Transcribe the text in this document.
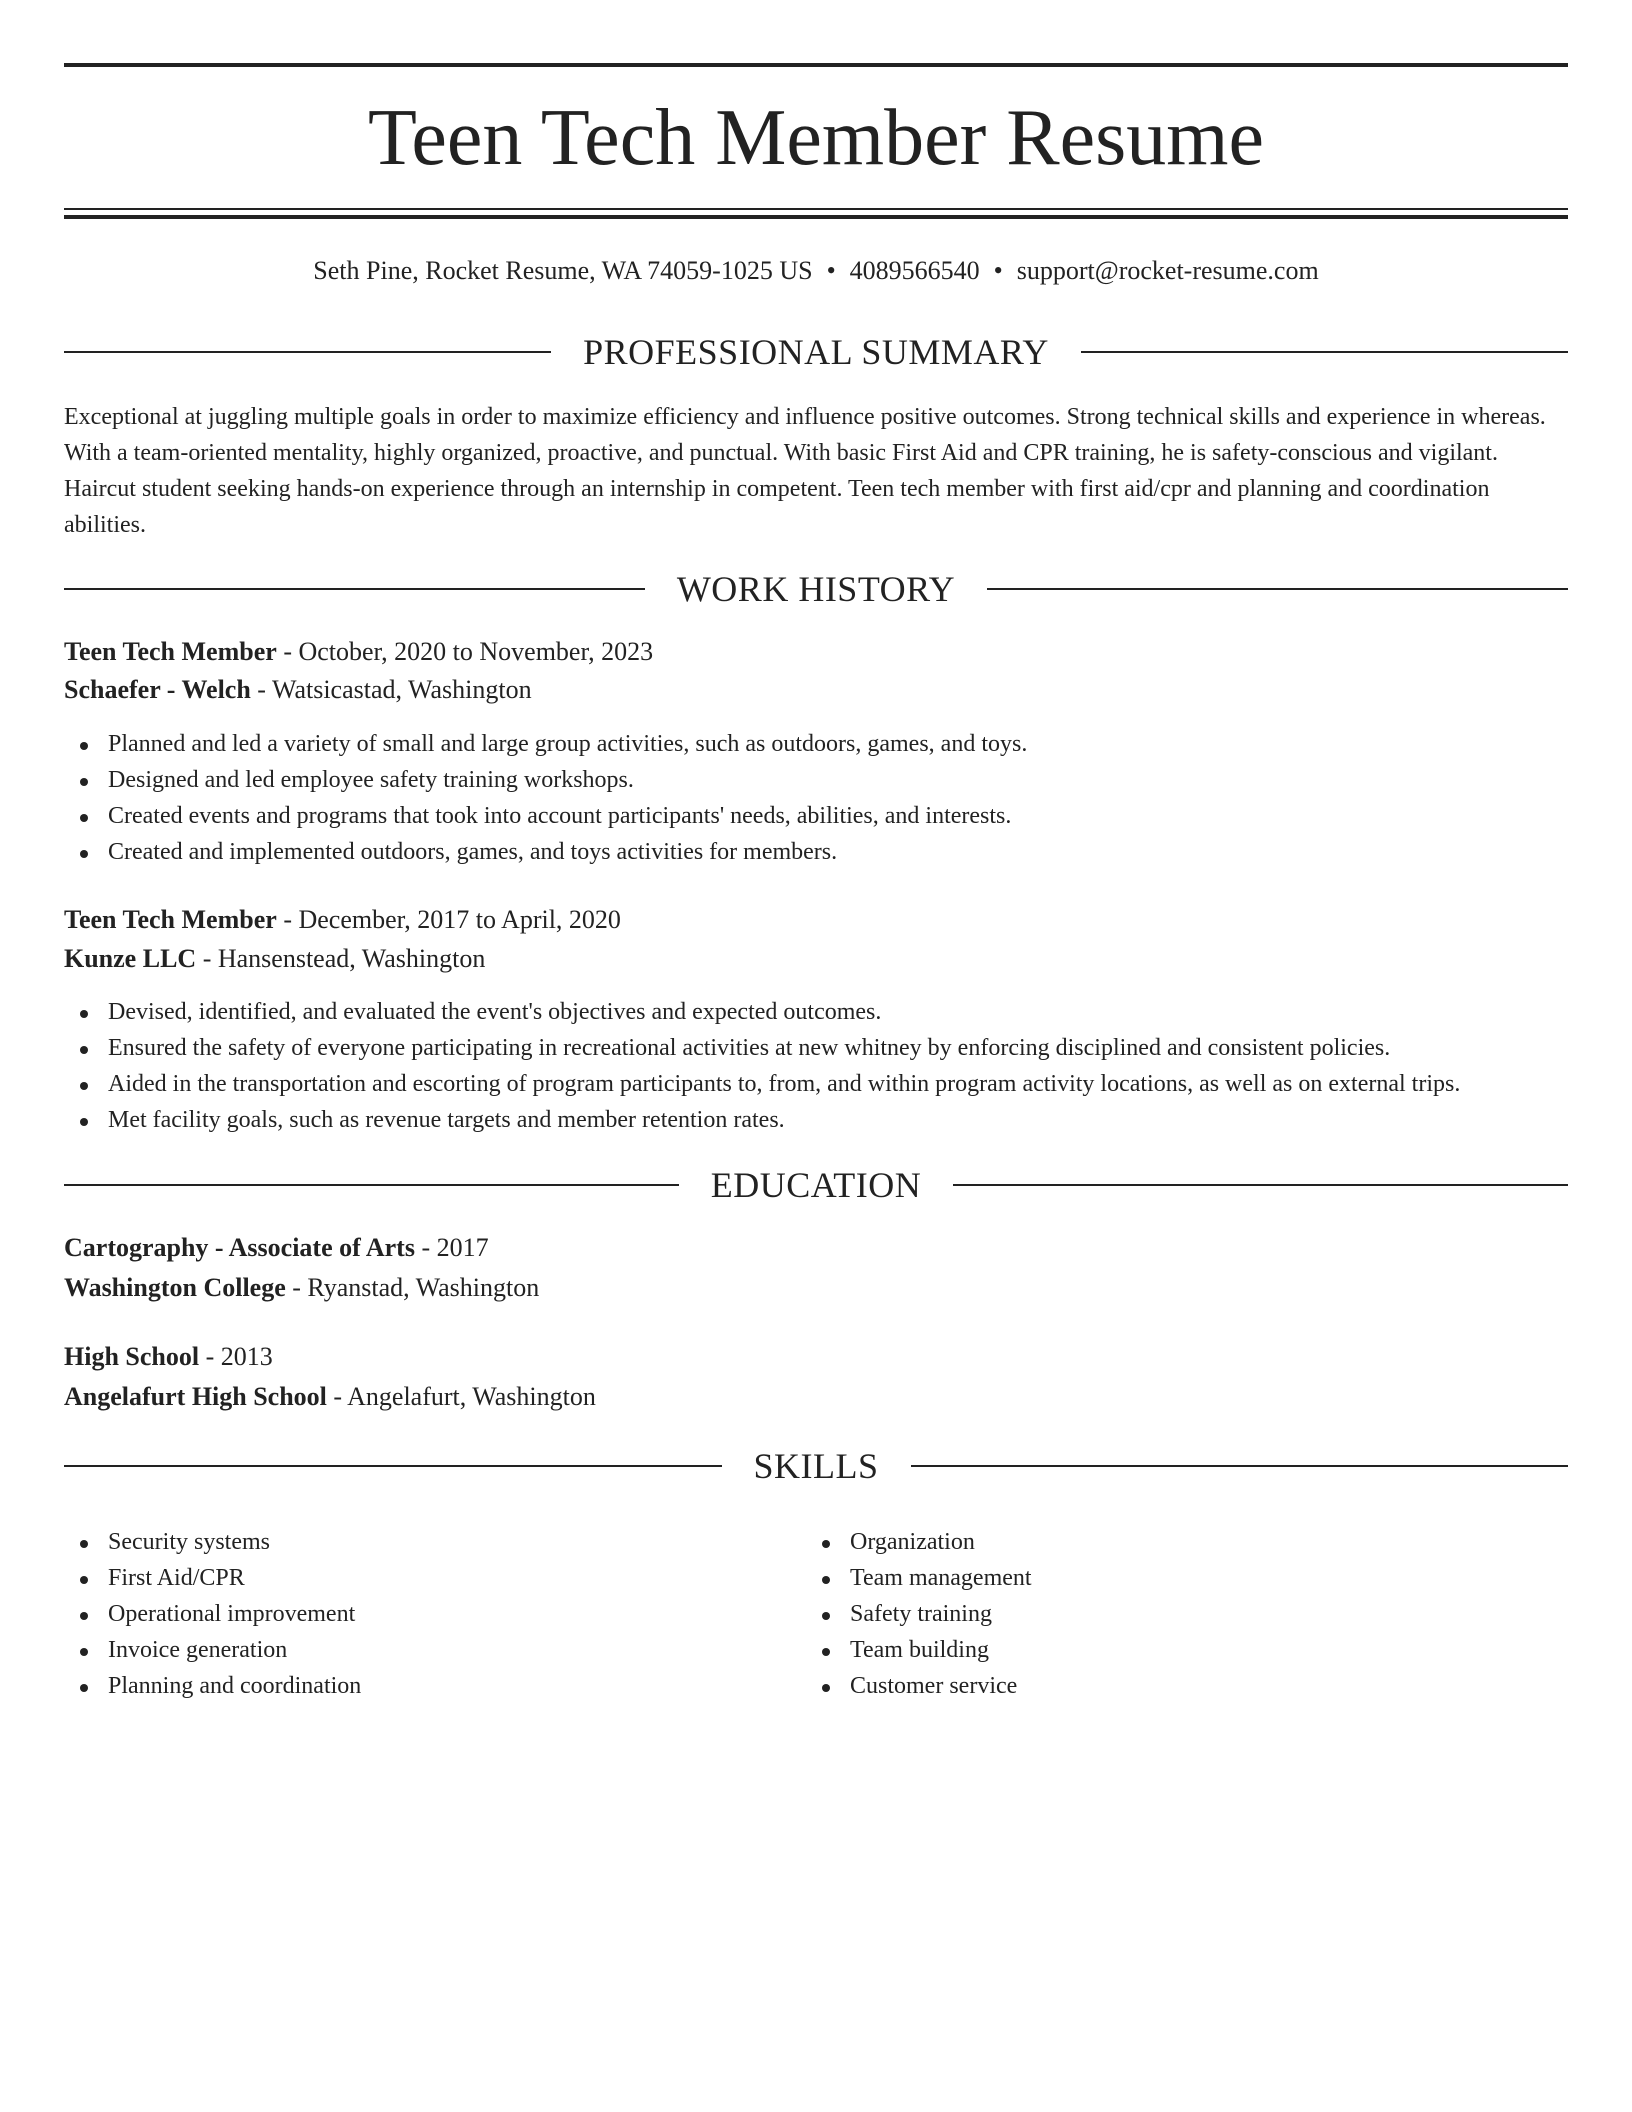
Teen Tech Member Resume
Seth Pine, Rocket Resume, WA 74059-1025 US • 4089566540 • support@rocket-resume.com
PROFESSIONAL SUMMARY

Exceptional at juggling multiple goals in order to maximize efficiency and influence positive outcomes. Strong technical skills and experience in whereas. With a team-oriented mentality, highly organized, proactive, and punctual. With basic First Aid and CPR training, he is safety-conscious and vigilant. Haircut student seeking hands-on experience through an internship in competent. Teen tech member with first aid/cpr and planning and coordination abilities.

WORK HISTORY
Teen Tech Member - October, 2020 to November, 2023
Schaefer - Welch - Watsicastad, Washington
Planned and led a variety of small and large group activities, such as outdoors, games, and toys.
Designed and led employee safety training workshops.
Created events and programs that took into account participants' needs, abilities, and interests.
Created and implemented outdoors, games, and toys activities for members.
Teen Tech Member - December, 2017 to April, 2020
Kunze LLC - Hansenstead, Washington
Devised, identified, and evaluated the event's objectives and expected outcomes.
Ensured the safety of everyone participating in recreational activities at new whitney by enforcing disciplined and consistent policies.
Aided in the transportation and escorting of program participants to, from, and within program activity locations, as well as on external trips.
Met facility goals, such as revenue targets and member retention rates.
EDUCATION
Cartography - Associate of Arts - 2017
Washington College - Ryanstad, Washington
High School - 2013
Angelafurt High School - Angelafurt, Washington
SKILLS
Security systems
First Aid/CPR
Operational improvement
Invoice generation
Planning and coordination
Organization
Team management
Safety training
Team building
Customer service
